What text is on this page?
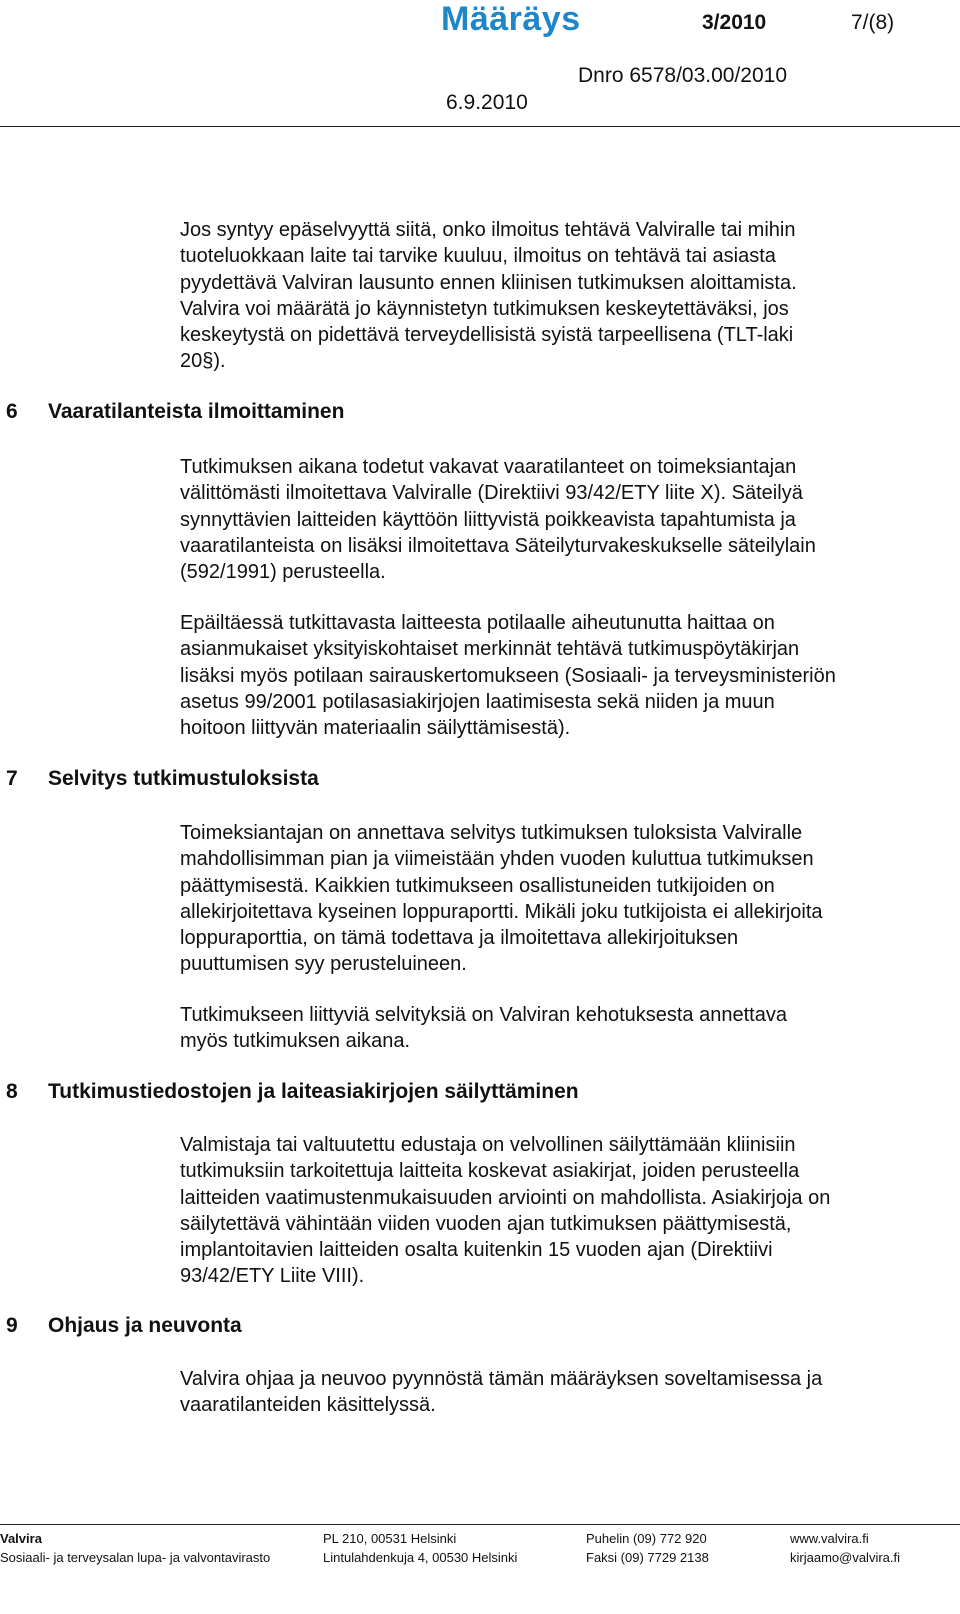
Määräys	3/2010	7/(8)
Dnro 6578/03.00/2010
6.9.2010
Jos syntyy epäselvyyttä siitä, onko ilmoitus tehtävä Valviralle tai mihin
tuoteluokkaan laite tai tarvike kuuluu, ilmoitus on tehtävä tai asiasta
pyydettävä Valviran lausunto ennen kliinisen tutkimuksen aloittamista.
Valvira voi määrätä jo käynnistetyn tutkimuksen keskeytettäväksi, jos
keskeytystä on pidettävä terveydellisistä syistä tarpeellisena (TLT-laki
20§).
6 Vaaratilanteista ilmoittaminen
Tutkimuksen aikana todetut vakavat vaaratilanteet on toimeksiantajan
välittömästi ilmoitettava Valviralle (Direktiivi 93/42/ETY liite X). Säteilyä
synnyttävien laitteiden käyttöön liittyvistä poikkeavista tapahtumista ja
vaaratilanteista on lisäksi ilmoitettava Säteilyturvakeskukselle säteilylain
(592/1991) perusteella.
Epäiltäessä tutkittavasta laitteesta potilaalle aiheutunutta haittaa on
asianmukaiset yksityiskohtaiset merkinnät tehtävä tutkimuspöytäkirjan
lisäksi myös potilaan sairauskertomukseen (Sosiaali- ja terveysministeriön
asetus 99/2001 potilasasiakirjojen laatimisesta sekä niiden ja muun
hoitoon liittyvän materiaalin säilyttämisestä).
7 Selvitys tutkimustuloksista
Toimeksiantajan on annettava selvitys tutkimuksen tuloksista Valviralle
mahdollisimman pian ja viimeistään yhden vuoden kuluttua tutkimuksen
päättymisestä. Kaikkien tutkimukseen osallistuneiden tutkijoiden on
allekirjoitettava kyseinen loppuraportti. Mikäli joku tutkijoista ei allekirjoita
loppuraporttia, on tämä todettava ja ilmoitettava allekirjoituksen
puuttumisen syy perusteluineen.
Tutkimukseen liittyviä selvityksiä on Valviran kehotuksesta annettava
myös tutkimuksen aikana.
8 Tutkimustiedostojen ja laiteasiakirjojen säilyttäminen
Valmistaja tai valtuutettu edustaja on velvollinen säilyttämään kliinisiin
tutkimuksiin tarkoitettuja laitteita koskevat asiakirjat, joiden perusteella
laitteiden vaatimustenmukaisuuden arviointi on mahdollista. Asiakirjoja on
säilytettävä vähintään viiden vuoden ajan tutkimuksen päättymisestä,
implantoitavien laitteiden osalta kuitenkin 15 vuoden ajan (Direktiivi
93/42/ETY Liite VIII).
9 Ohjaus ja neuvonta
Valvira ohjaa ja neuvoo pyynnöstä tämän määräyksen soveltamisessa ja
vaaratilanteiden käsittelyssä.
Valvira
Sosiaali- ja terveysalan lupa- ja valvontavirasto
PL 210, 00531 Helsinki
Lintulahdenkuja 4, 00530 Helsinki
Puhelin (09) 772 920
Faksi (09) 7729 2138
www.valvira.fi
kirjaamo@valvira.fi
